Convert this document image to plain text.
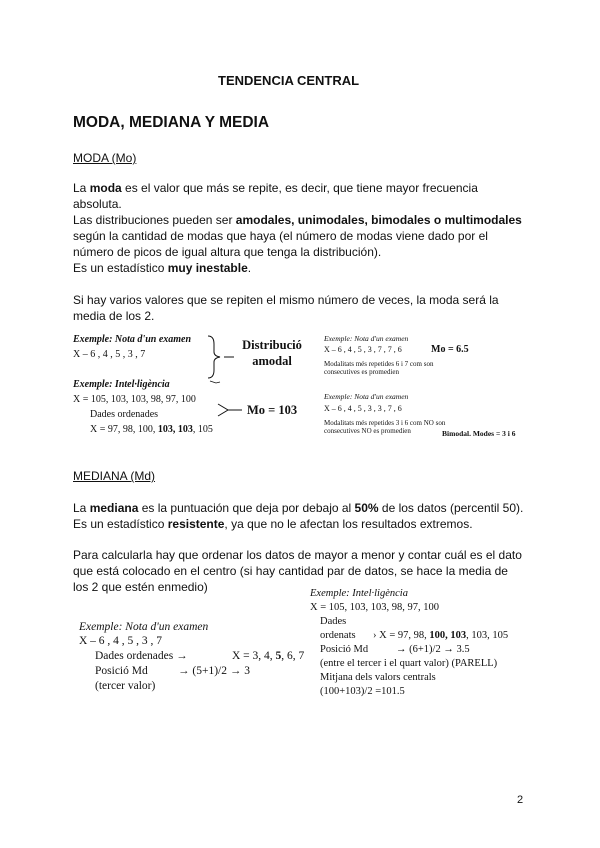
TENDENCIA CENTRAL
MODA, MEDIANA Y MEDIA
MODA (Mo)
La moda es el valor que más se repite, es decir, que tiene mayor frecuencia
absoluta.
Las distribuciones pueden ser amodales, unimodales, bimodales o multimodales
según la cantidad de modas que haya (el número de modas viene dado por el
número de picos de igual altura que tenga la distribución).
Es un estadístico muy inestable.
Si hay varios valores que se repiten el mismo número de veces, la moda será la
media de los 2.
Exemple: Nota d'un examen
X – 6 , 4 , 5 , 3 , 7
Distribució
amodal
Exemple: Intel·ligència
X = 105, 103, 103, 98, 97, 100
Dades ordenades
X = 97, 98, 100, 103, 103, 105
Mo = 103
Exemple: Nota d'un examen
X – 6 , 4 , 5 , 3 , 7 , 7 , 6	Mo = 6.5
Modalitats més repetides 6 i 7 com son
consecutives es promedien
Exemple: Nota d'un examen
X – 6 , 4 , 5 , 3 , 3 , 7 , 6
Modalitats més repetides 3 i 6 com NO son
consecutives NO es promedien	Bimodal. Modes = 3 i 6
MEDIANA (Md)
La mediana es la puntuación que deja por debajo al 50% de los datos (percentil 50).
Es un estadístico resistente, ya que no le afectan los resultados extremos.
Para calcularla hay que ordenar los datos de mayor a menor y contar cuál es el dato
que está colocado en el centro (si hay cantidad par de datos, se hace la media de
los 2 que estén enmedio)
Exemple: Nota d'un examen
X – 6 , 4 , 5 , 3 , 7
Dades ordenades →	X = 3, 4, 5, 6, 7
Posició Md	→ (5+1)/2 → 3
(tercer valor)
Exemple: Intel·ligència
X = 105, 103, 103, 98, 97, 100
Dades
ordenats › X = 97, 98, 100, 103, 103, 105
Posició Md	→ (6+1)/2 → 3.5
(entre el tercer i el quart valor) (PARELL)
Mitjana dels valors centrals
(100+103)/2 =101.5
2
